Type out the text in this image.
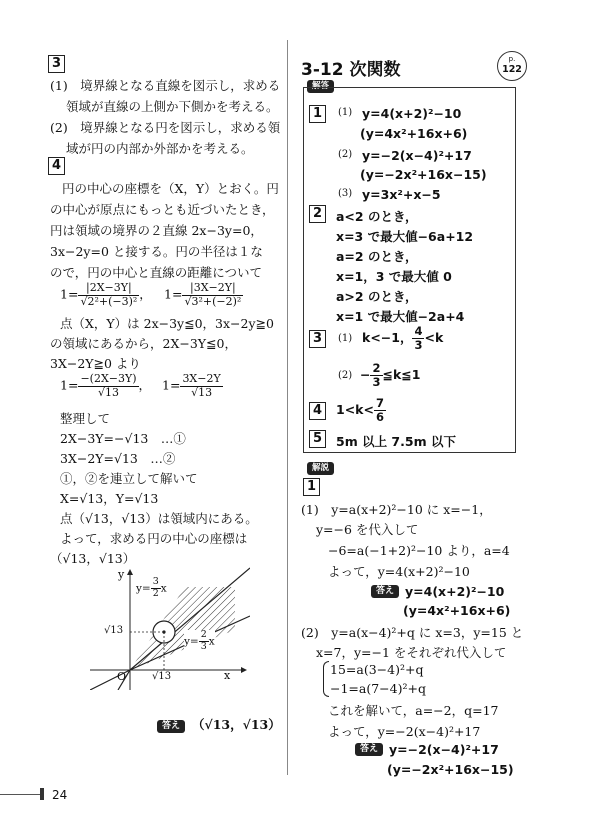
3
(1)　境界線となる直線を図示し，求める
領域が直線の上側か下側かを考える。
(2)　境界線となる円を図示し，求める領
域が円の内部か外部かを考える。
4
円の中心の座標を（X，Y）とおく。円
の中心が原点にもっとも近づいたとき，
円は領域の境界の２直線 2x−3y=0，
3x−2y=0 と接する。円の半径は１な
ので，円の中心と直線の距離について
$1= \frac{|2X-3Y|}{\text{√2²+(−3)²}}$ ， $1= \frac{|3X-2Y|}{\text{√3²+(−2)²}}$
点（X，Y）は 2x−3y≦0，3x−2y≧0
の領域にあるから，2X−3Y≦0，
3X−2Y≧0 より
$1= \frac{-(2X-3Y)}{√13}$ ， $1= \frac{3X-2Y}{√13}$
整理して
2X−3Y=−√13　…①
3X−2Y=√13　…②
①，②を連立して解いて
X=√13，Y=√13
点（√13，√13）は領域内にある。
よって，求める円の中心の座標は
（√13，√13）
y
x
O
√13
√13
$y= \frac{3}{2}$ x
$y= \frac{2}{3}$ x
答え （√13，√13）
3-12 次関数
p.
122
解答
1	(1) y=4(x+2)²−10
(y=4x²+16x+6)
(2) y=−2(x−4)²+17
(y=−2x²+16x−15)
(3) y=3x²+x−5
2	a<2 のとき，
x=3 で最大値−6a+12
a=2 のとき，
x=1，3 で最大値 0
a>2 のとき，
x=1 で最大値−2a+4
3	(1) k<−1， $\frac{4}{3} <k$
$(2) - \frac{2}{3}$ ≦k≦1
4	$1<k< \frac{7}{6}$
5	5m 以上 7.5m 以下
解説
1
(1)　y=a(x+2)²−10 に x=−1，
y=−6 を代入して
−6=a(−1+2)²−10 より，a=4
よって，y=4(x+2)²−10
答え y=4(x+2)²−10
(y=4x²+16x+6)
(2)　y=a(x−4)²+q に x=3，y=15 と
x=7，y=−1 をそれぞれ代入して
15=a(3−4)²+q
−1=a(7−4)²+q
これを解いて，a=−2，q=17
よって，y=−2(x−4)²+17
答え y=−2(x−4)²+17
(y=−2x²+16x−15)
24
